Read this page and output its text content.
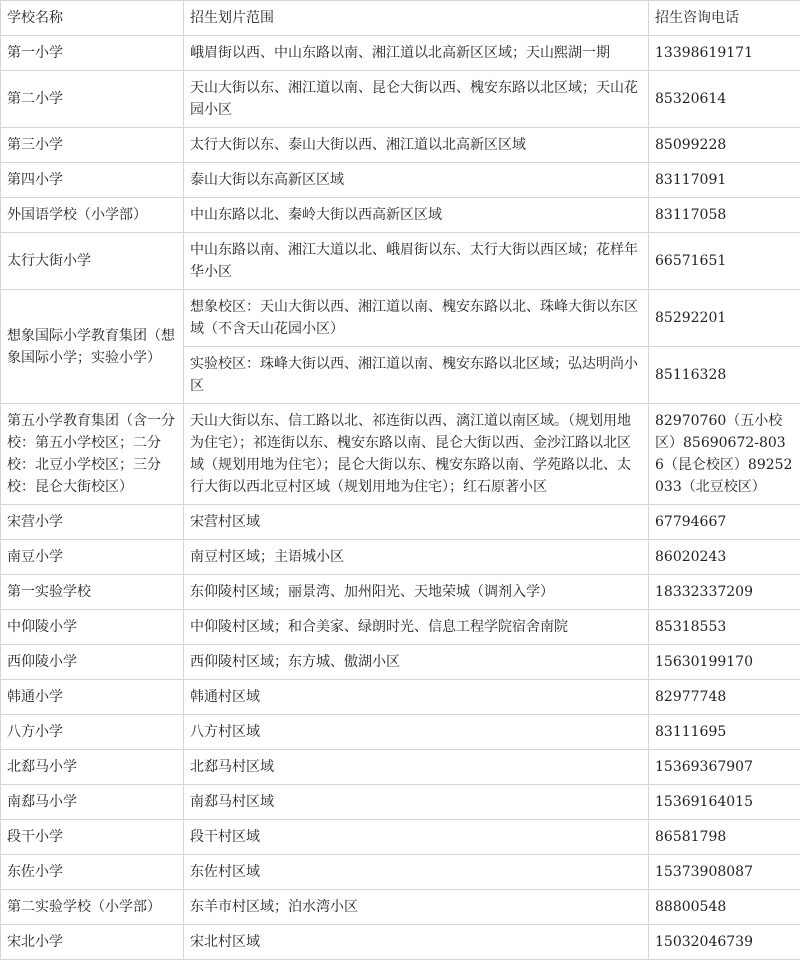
学校名称	招生划片范围	招生咨询电话
第一小学	峨眉街以西、中山东路以南、湘江道以北高新区区域；天山熙湖一期	13398619171
第二小学	天山大街以东、湘江道以南、昆仑大街以西、槐安东路以北区域；天山花园小区	85320614
第三小学	太行大街以东、泰山大街以西、湘江道以北高新区区域	85099228
第四小学	泰山大街以东高新区区域	83117091
外国语学校（小学部）	中山东路以北、秦岭大街以西高新区区域	83117058
太行大街小学	中山东路以南、湘江大道以北、峨眉街以东、太行大街以西区域；花样年华小区	66571651
想象国际小学教育集团（想象国际小学；实验小学）	想象校区：天山大街以西、湘江道以南、槐安东路以北、珠峰大街以东区域（不含天山花园小区）	85292201
	实验校区：珠峰大街以西、湘江道以南、槐安东路以北区域；弘达明尚小区	85116328
第五小学教育集团（含一分校：第五小学校区；二分校：北豆小学校区；三分校：昆仑大街校区）	天山大街以东、信工路以北、祁连街以西、漓江道以南区域。（规划用地为住宅）；祁连街以东、槐安东路以南、昆仑大街以西、金沙江路以北区域（规划用地为住宅）；昆仑大街以东、槐安东路以南、学苑路以北、太行大街以西北豆村区域（规划用地为住宅）；红石原著小区	82970760（五小校区）85690672-8036（昆仑校区）89252033（北豆校区）
宋营小学	宋营村区域	67794667
南豆小学	南豆村区域；主语城小区	86020243
第一实验学校	东仰陵村区域；丽景湾、加州阳光、天地荣城（调剂入学）	18332337209
中仰陵小学	中仰陵村区域；和合美家、绿朗时光、信息工程学院宿舍南院	85318553
西仰陵小学	西仰陵村区域；东方城、傲湖小区	15630199170
韩通小学	韩通村区域	82977748
八方小学	八方村区域	83111695
北郄马小学	北郄马村区域	15369367907
南郄马小学	南郄马村区域	15369164015
段干小学	段干村区域	86581798
东佐小学	东佐村区域	15373908087
第二实验学校（小学部）	东羊市村区域；泊水湾小区	88800548
宋北小学	宋北村区域	15032046739
